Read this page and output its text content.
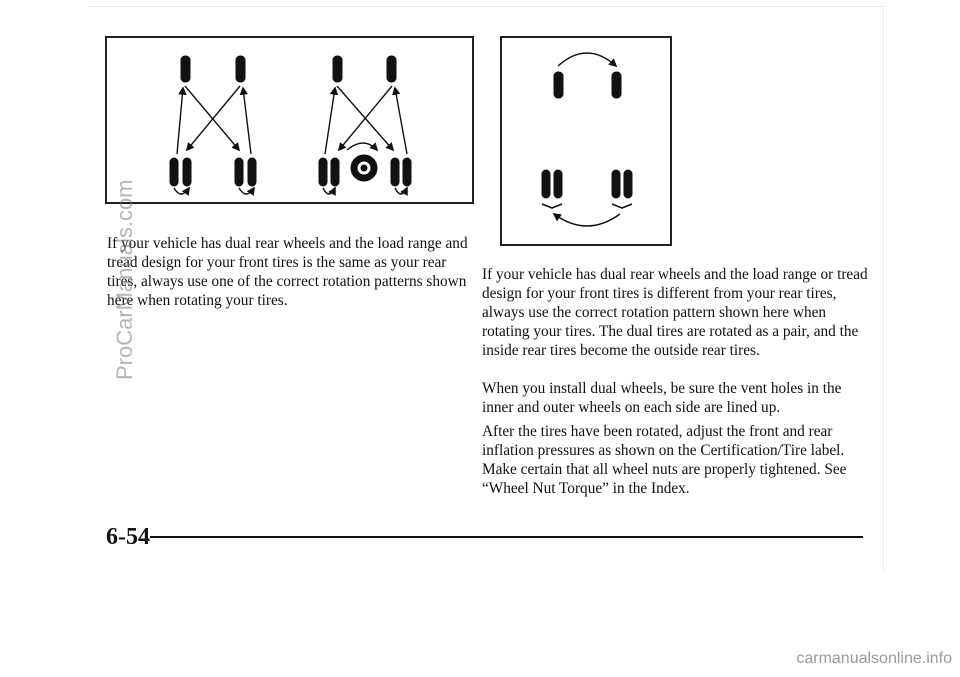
If your vehicle has dual rear wheels and the load range and tread design for your front tires is the same as your rear tires, always use one of the correct rotation patterns shown here when rotating your tires.

If your vehicle has dual rear wheels and the load range or tread design for your front tires is different from your rear tires, always use the correct rotation pattern shown here when rotating your tires. The dual tires are rotated as a pair, and the inside rear tires become the outside rear tires.

When you install dual wheels, be sure the vent holes in the inner and outer wheels on each side are lined up.

After the tires have been rotated, adjust the front and rear inflation pressures as shown on the Certification/Tire label. Make certain that all wheel nuts are properly tightened. See “Wheel Nut Torque” in the Index.

6-54
ProCarManuals.com
carmanualsonline.info
